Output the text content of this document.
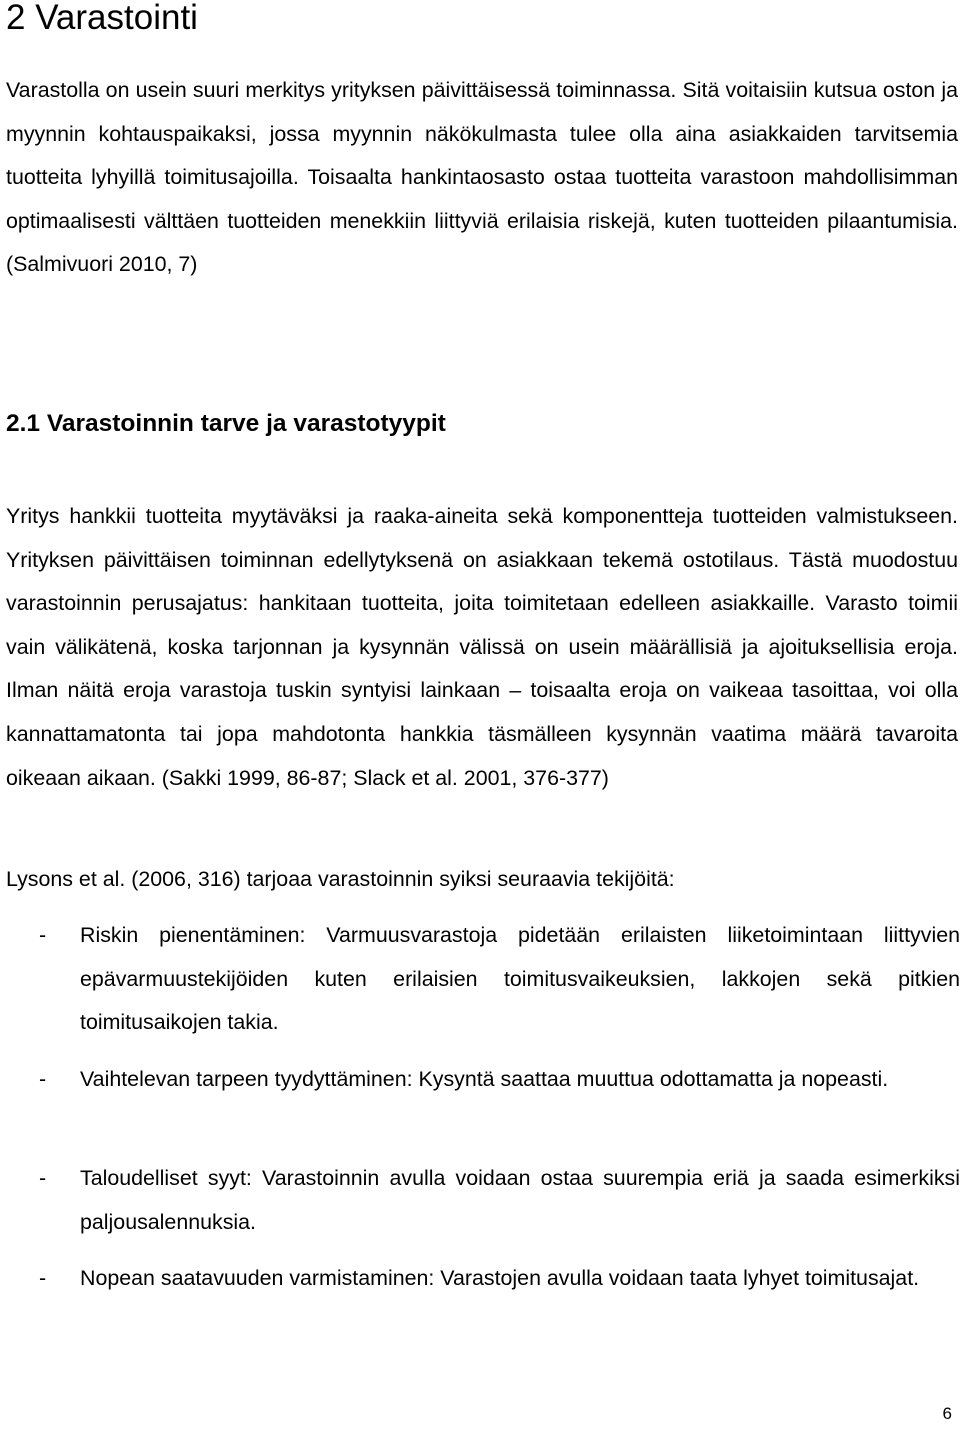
2 Varastointi

Varastolla on usein suuri merkitys yrityksen päivittäisessä toiminnassa. Sitä voitaisiin kutsua oston ja myynnin kohtauspaikaksi, jossa myynnin näkökulmasta tulee olla aina asiakkaiden tarvitsemia tuotteita lyhyillä toimitusajoilla. Toisaalta hankintaosasto ostaa tuotteita varastoon mahdollisimman optimaalisesti välttäen tuotteiden menekkiin liittyviä erilaisia riskejä, kuten tuotteiden pilaantumisia. (Salmivuori 2010, 7)

2.1 Varastoinnin tarve ja varastotyypit

Yritys hankkii tuotteita myytäväksi ja raaka-aineita sekä komponentteja tuotteiden valmistukseen. Yrityksen päivittäisen toiminnan edellytyksenä on asiakkaan tekemä ostotilaus. Tästä muodostuu varastoinnin perusajatus: hankitaan tuotteita, joita toimitetaan edelleen asiakkaille. Varasto toimii vain välikätenä, koska tarjonnan ja kysynnän välissä on usein määrällisiä ja ajoituksellisia eroja. Ilman näitä eroja varastoja tuskin syntyisi lainkaan – toisaalta eroja on vaikeaa tasoittaa, voi olla kannattamatonta tai jopa mahdotonta hankkia täsmälleen kysynnän vaatima määrä tavaroita oikeaan aikaan. (Sakki 1999, 86-87; Slack et al. 2001, 376-377)

Lysons et al. (2006, 316) tarjoaa varastoinnin syiksi seuraavia tekijöitä:

- Riskin pienentäminen: Varmuusvarastoja pidetään erilaisten liiketoimintaan liittyvien epävarmuustekijöiden kuten erilaisien toimitusvaikeuksien, lakkojen sekä pitkien toimitusaikojen takia.

- Vaihtelevan tarpeen tyydyttäminen: Kysyntä saattaa muuttua odottamatta ja nopeasti.

- Taloudelliset syyt: Varastoinnin avulla voidaan ostaa suurempia eriä ja saada esimerkiksi paljousalennuksia.

- Nopean saatavuuden varmistaminen: Varastojen avulla voidaan taata lyhyet toimitusajat.

6
